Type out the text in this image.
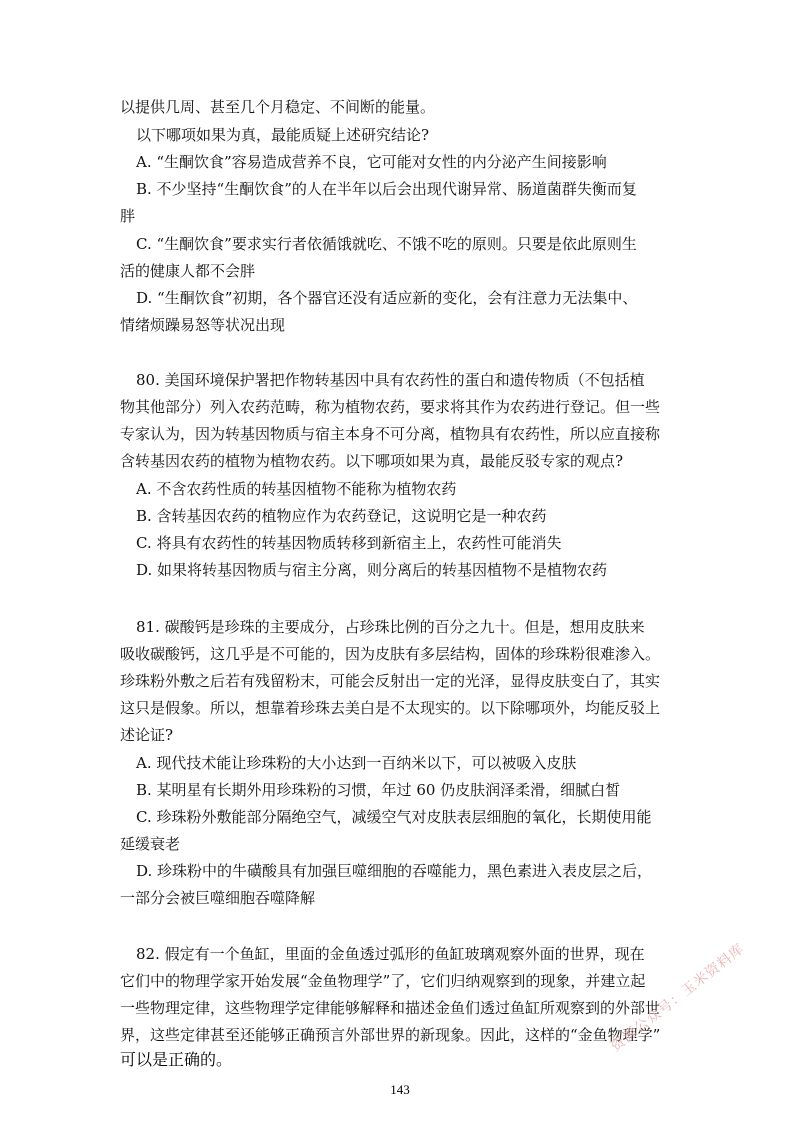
以提供几周、甚至几个月稳定、不间断的能量。
以下哪项如果为真，最能质疑上述研究结论?
A. “生酮饮食”容易造成营养不良，它可能对女性的内分泌产生间接影响
B. 不少坚持“生酮饮食”的人在半年以后会出现代谢异常、肠道菌群失衡而复
胖
C. “生酮饮食”要求实行者依循饿就吃、不饿不吃的原则。只要是依此原则生
活的健康人都不会胖
D. “生酮饮食”初期，各个器官还没有适应新的变化，会有注意力无法集中、
情绪烦躁易怒等状况出现
80. 美国环境保护署把作物转基因中具有农药性的蛋白和遗传物质（不包括植
物其他部分）列入农药范畴，称为植物农药，要求将其作为农药进行登记。但一些
专家认为，因为转基因物质与宿主本身不可分离，植物具有农药性，所以应直接称
含转基因农药的植物为植物农药。以下哪项如果为真，最能反驳专家的观点?
A. 不含农药性质的转基因植物不能称为植物农药
B. 含转基因农药的植物应作为农药登记，这说明它是一种农药
C. 将具有农药性的转基因物质转移到新宿主上，农药性可能消失
D. 如果将转基因物质与宿主分离，则分离后的转基因植物不是植物农药
81. 碳酸钙是珍珠的主要成分，占珍珠比例的百分之九十。但是，想用皮肤来
吸收碳酸钙，这几乎是不可能的，因为皮肤有多层结构，固体的珍珠粉很难渗入。
珍珠粉外敷之后若有残留粉末，可能会反射出一定的光泽，显得皮肤变白了，其实
这只是假象。所以，想靠着珍珠去美白是不太现实的。以下除哪项外，均能反驳上
述论证?
A. 现代技术能让珍珠粉的大小达到一百纳米以下，可以被吸入皮肤
B. 某明星有长期外用珍珠粉的习惯，年过 60 仍皮肤润泽柔滑，细腻白皙
C. 珍珠粉外敷能部分隔绝空气，减缓空气对皮肤表层细胞的氧化，长期使用能
延缓衰老
D. 珍珠粉中的牛磺酸具有加强巨噬细胞的吞噬能力，黑色素进入表皮层之后，
一部分会被巨噬细胞吞噬降解
82. 假定有一个鱼缸，里面的金鱼透过弧形的鱼缸玻璃观察外面的世界，现在
它们中的物理学家开始发展“金鱼物理学”了，它们归纳观察到的现象，并建立起
一些物理定律，这些物理学定律能够解释和描述金鱼们透过鱼缸所观察到的外部世
界，这些定律甚至还能够正确预言外部世界的新现象。因此，这样的“金鱼物理学”
可以是正确的。
143
资源公众号：玉米资料库
